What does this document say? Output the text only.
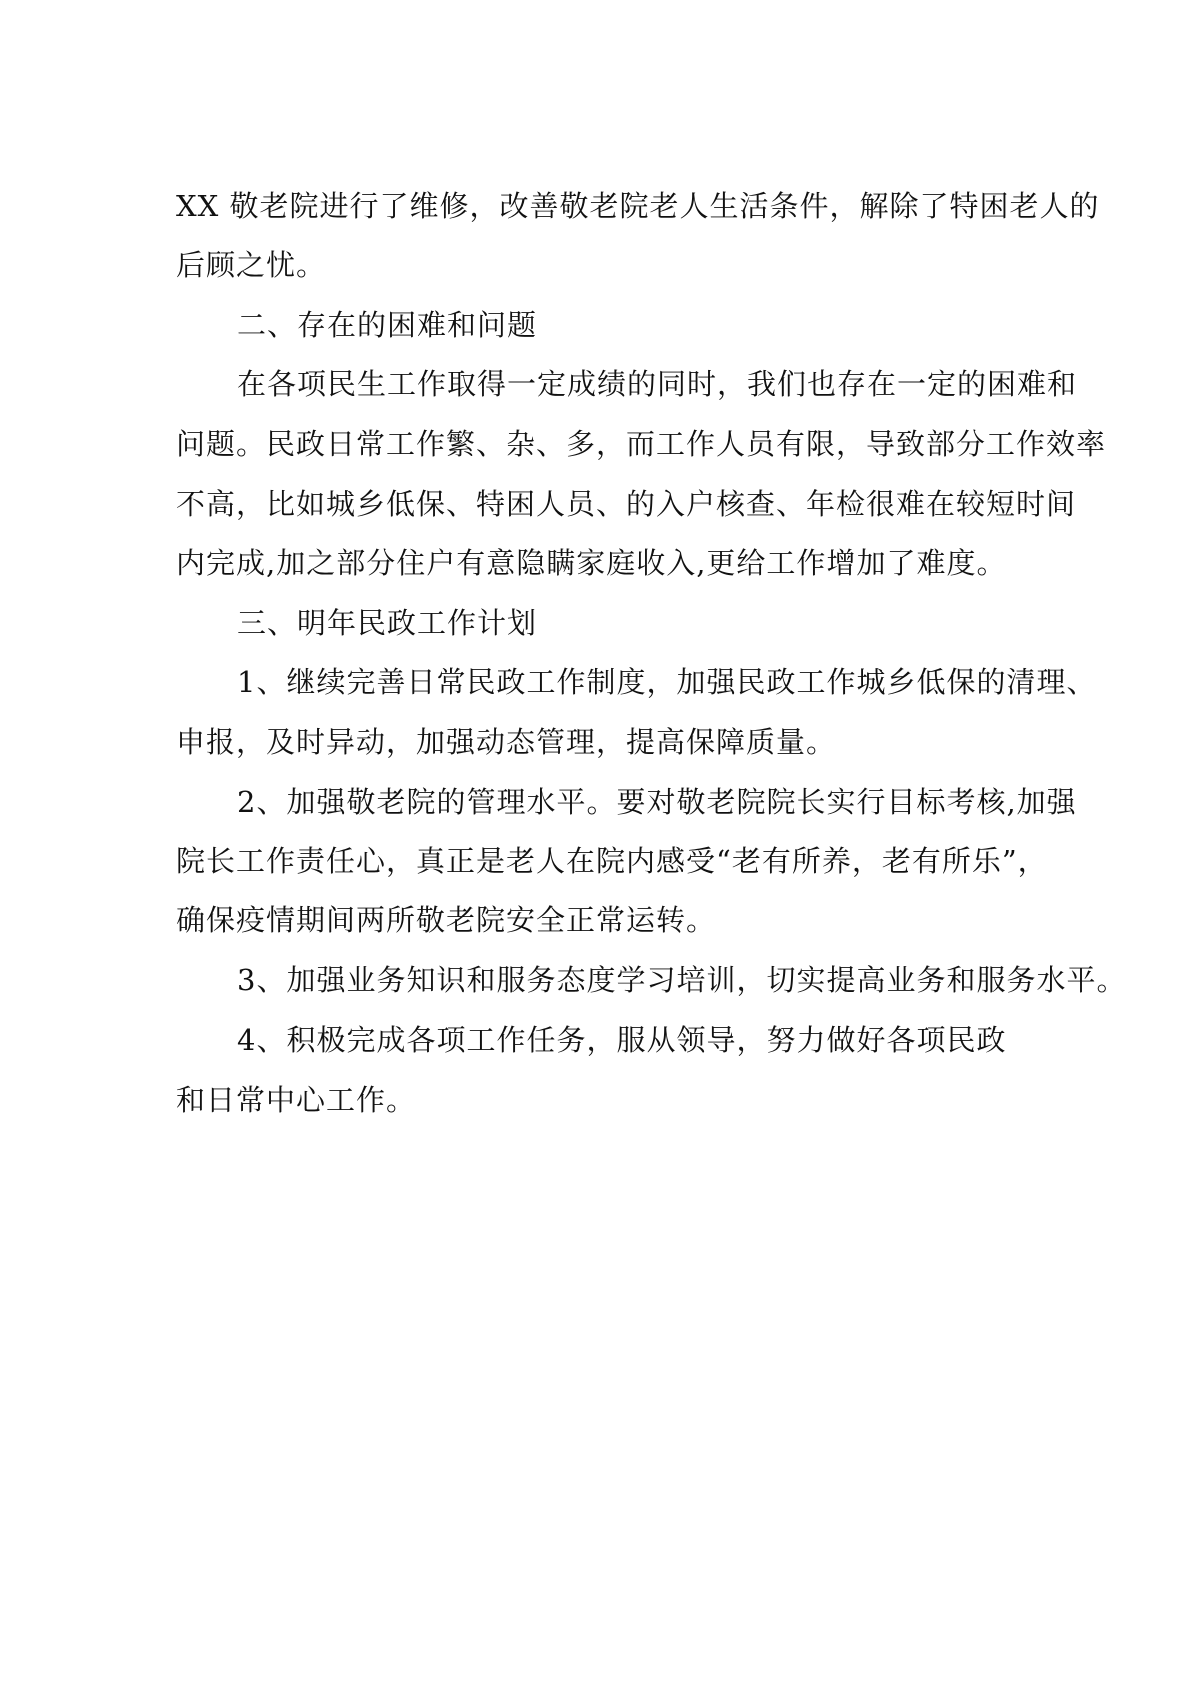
XX 敬老院进行了维修，改善敬老院老人生活条件，解除了特困老人的
后顾之忧。
二、存在的困难和问题
在各项民生工作取得一定成绩的同时，我们也存在一定的困难和
问题。民政日常工作繁、杂、多，而工作人员有限，导致部分工作效率
不高，比如城乡低保、特困人员、的入户核查、年检很难在较短时间
内完成,加之部分住户有意隐瞒家庭收入,更给工作增加了难度。
三、明年民政工作计划
1、继续完善日常民政工作制度，加强民政工作城乡低保的清理、
申报，及时异动，加强动态管理，提高保障质量。
2、加强敬老院的管理水平。要对敬老院院长实行目标考核,加强
院长工作责任心，真正是老人在院内感受“老有所养，老有所乐”，
确保疫情期间两所敬老院安全正常运转。
3、加强业务知识和服务态度学习培训，切实提高业务和服务水平。
4、积极完成各项工作任务，服从领导，努力做好各项民政
和日常中心工作。
